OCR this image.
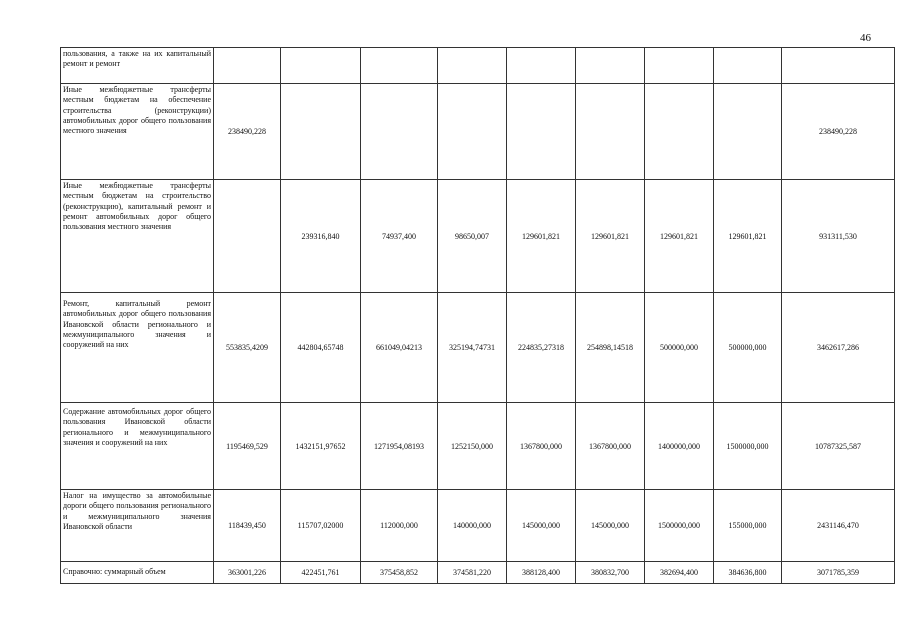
46
пользования, а также на их капитальный ремонт и ремонт									
Иные межбюджетные трансферты местным бюджетам на обеспечение строительства (реконструкции) автомобильных дорог общего пользования местного значения	238490,228								238490,228
Иные межбюджетные трансферты местным бюджетам на строительство (реконструкцию), капитальный ремонт и ремонт автомобильных дорог общего пользования местного значения		239316,840	74937,400	98650,007	129601,821	129601,821	129601,821	129601,821	931311,530
Ремонт, капитальный ремонт автомобильных дорог общего пользования Ивановской области регионального и межмуниципального значения и сооружений на них	553835,4209	442804,65748	661049,04213	325194,74731	224835,27318	254898,14518	500000,000	500000,000	3462617,286
Содержание автомобильных дорог общего пользования Ивановской области регионального и межмуниципального значения и сооружений на них	1195469,529	1432151,97652	1271954,08193	1252150,000	1367800,000	1367800,000	1400000,000	1500000,000	10787325,587
Налог на имущество за автомобильные дороги общего пользования регионального и межмуниципального значения Ивановской области	118439,450	115707,02000	112000,000	140000,000	145000,000	145000,000	1500000,000	155000,000	2431146,470
Справочно: суммарный объем	363001,226	422451,761	375458,852	374581,220	388128,400	380832,700	382694,400	384636,800	3071785,359
